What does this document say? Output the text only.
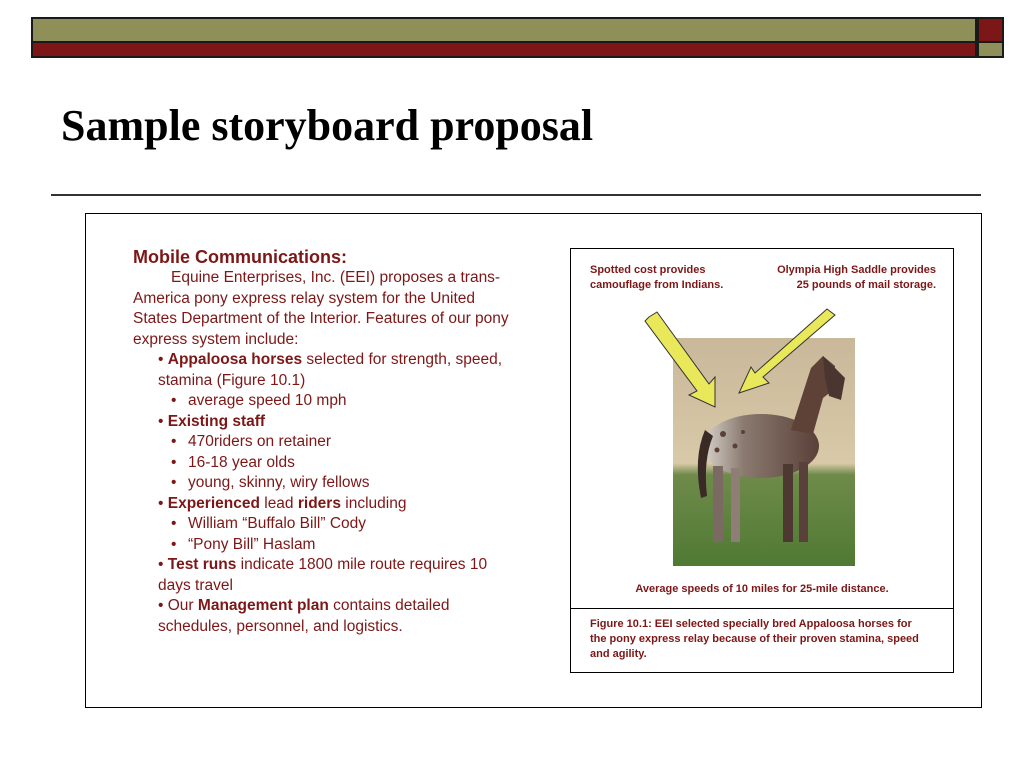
Sample storyboard proposal
Mobile Communications:
Equine Enterprises, Inc. (EEI) proposes a trans-America pony express relay system for the United States Department of the Interior. Features of our pony express system include:
• Appaloosa horses selected for strength, speed, stamina (Figure 10.1)
• average speed 10 mph
• Existing staff
• 470riders on retainer
• 16-18 year olds
• young, skinny, wiry fellows
• Experienced lead riders including
• William “Buffalo Bill” Cody
• “Pony Bill” Haslam
• Test runs indicate 1800 mile route requires 10 days travel
• Our Management plan contains detailed schedules, personnel, and logistics.
Spotted cost provides camouflage from Indians.
Olympia High Saddle provides 25 pounds of mail storage.
Average speeds of 10 miles for 25-mile distance.
Figure 10.1: EEI selected specially bred Appaloosa horses for the pony express relay because of their proven stamina, speed and agility.
